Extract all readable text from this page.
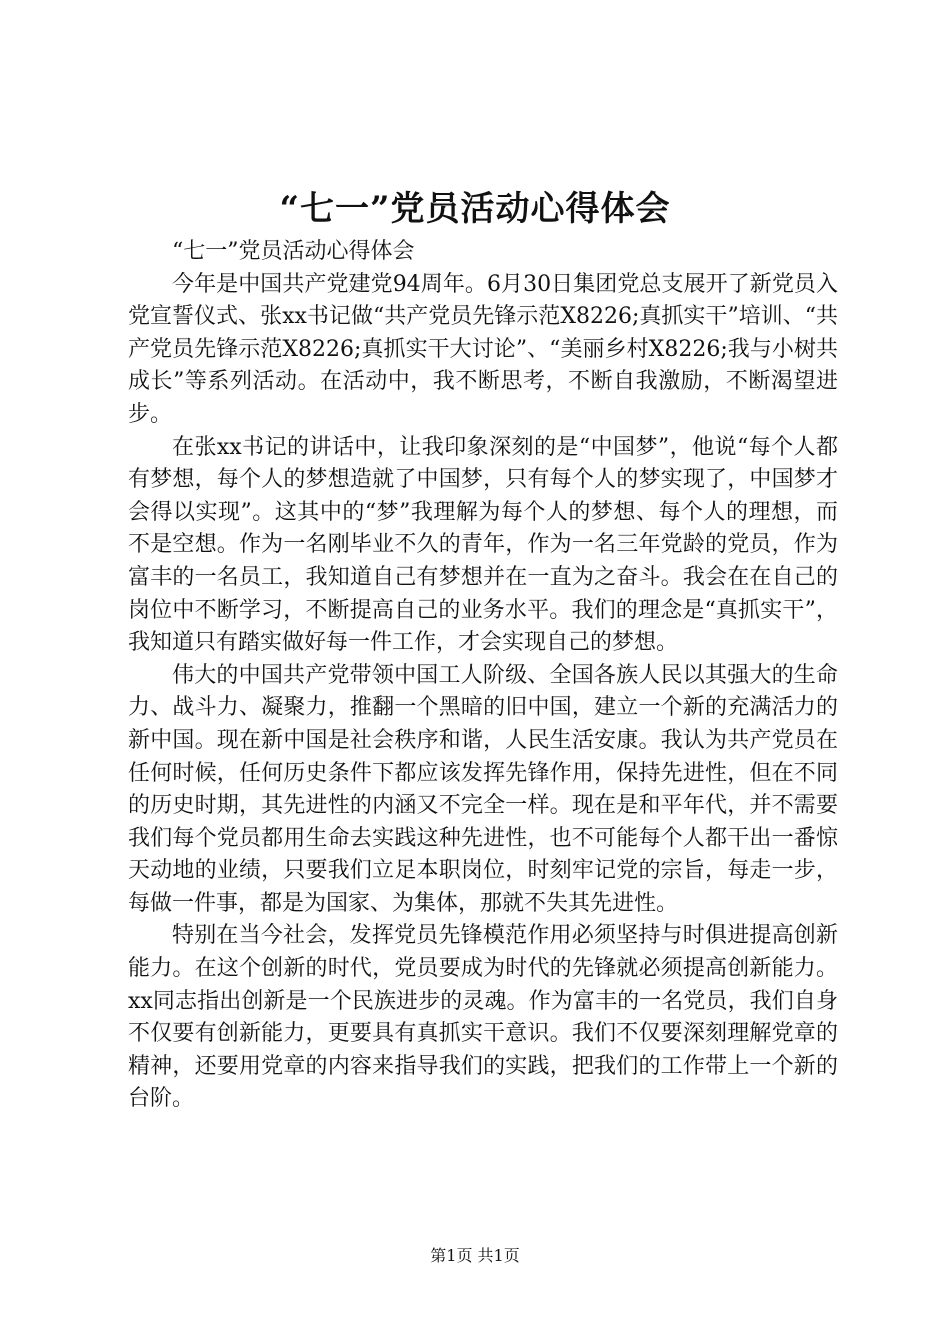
“七一”党员活动心得体会

“七一”党员活动心得体会

今年是中国共产党建党94周年。6月30日集团党总支展开了新党员入党宣誓仪式、张xx书记做“共产党员先锋示范X8226;真抓实干”培训、“共产党员先锋示范X8226;真抓实干大讨论”、“美丽乡村X8226;我与小树共成长”等系列活动。在活动中，我不断思考，不断自我激励，不断渴望进步。

在张xx书记的讲话中，让我印象深刻的是“中国梦”，他说“每个人都有梦想，每个人的梦想造就了中国梦，只有每个人的梦实现了，中国梦才会得以实现”。这其中的“梦”我理解为每个人的梦想、每个人的理想，而不是空想。作为一名刚毕业不久的青年，作为一名三年党龄的党员，作为富丰的一名员工，我知道自己有梦想并在一直为之奋斗。我会在在自己的岗位中不断学习，不断提高自己的业务水平。我们的理念是“真抓实干”，我知道只有踏实做好每一件工作，才会实现自己的梦想。

伟大的中国共产党带领中国工人阶级、全国各族人民以其强大的生命力、战斗力、凝聚力，推翻一个黑暗的旧中国，建立一个新的充满活力的新中国。现在新中国是社会秩序和谐，人民生活安康。我认为共产党员在任何时候，任何历史条件下都应该发挥先锋作用，保持先进性，但在不同的历史时期，其先进性的内涵又不完全一样。现在是和平年代，并不需要我们每个党员都用生命去实践这种先进性，也不可能每个人都干出一番惊天动地的业绩，只要我们立足本职岗位，时刻牢记党的宗旨，每走一步，每做一件事，都是为国家、为集体，那就不失其先进性。

特别在当今社会，发挥党员先锋模范作用必须坚持与时俱进提高创新能力。在这个创新的时代，党员要成为时代的先锋就必须提高创新能力。xx同志指出创新是一个民族进步的灵魂。作为富丰的一名党员，我们自身不仅要有创新能力，更要具有真抓实干意识。我们不仅要深刻理解党章的精神，还要用党章的内容来指导我们的实践，把我们的工作带上一个新的台阶。

第1页 共1页
